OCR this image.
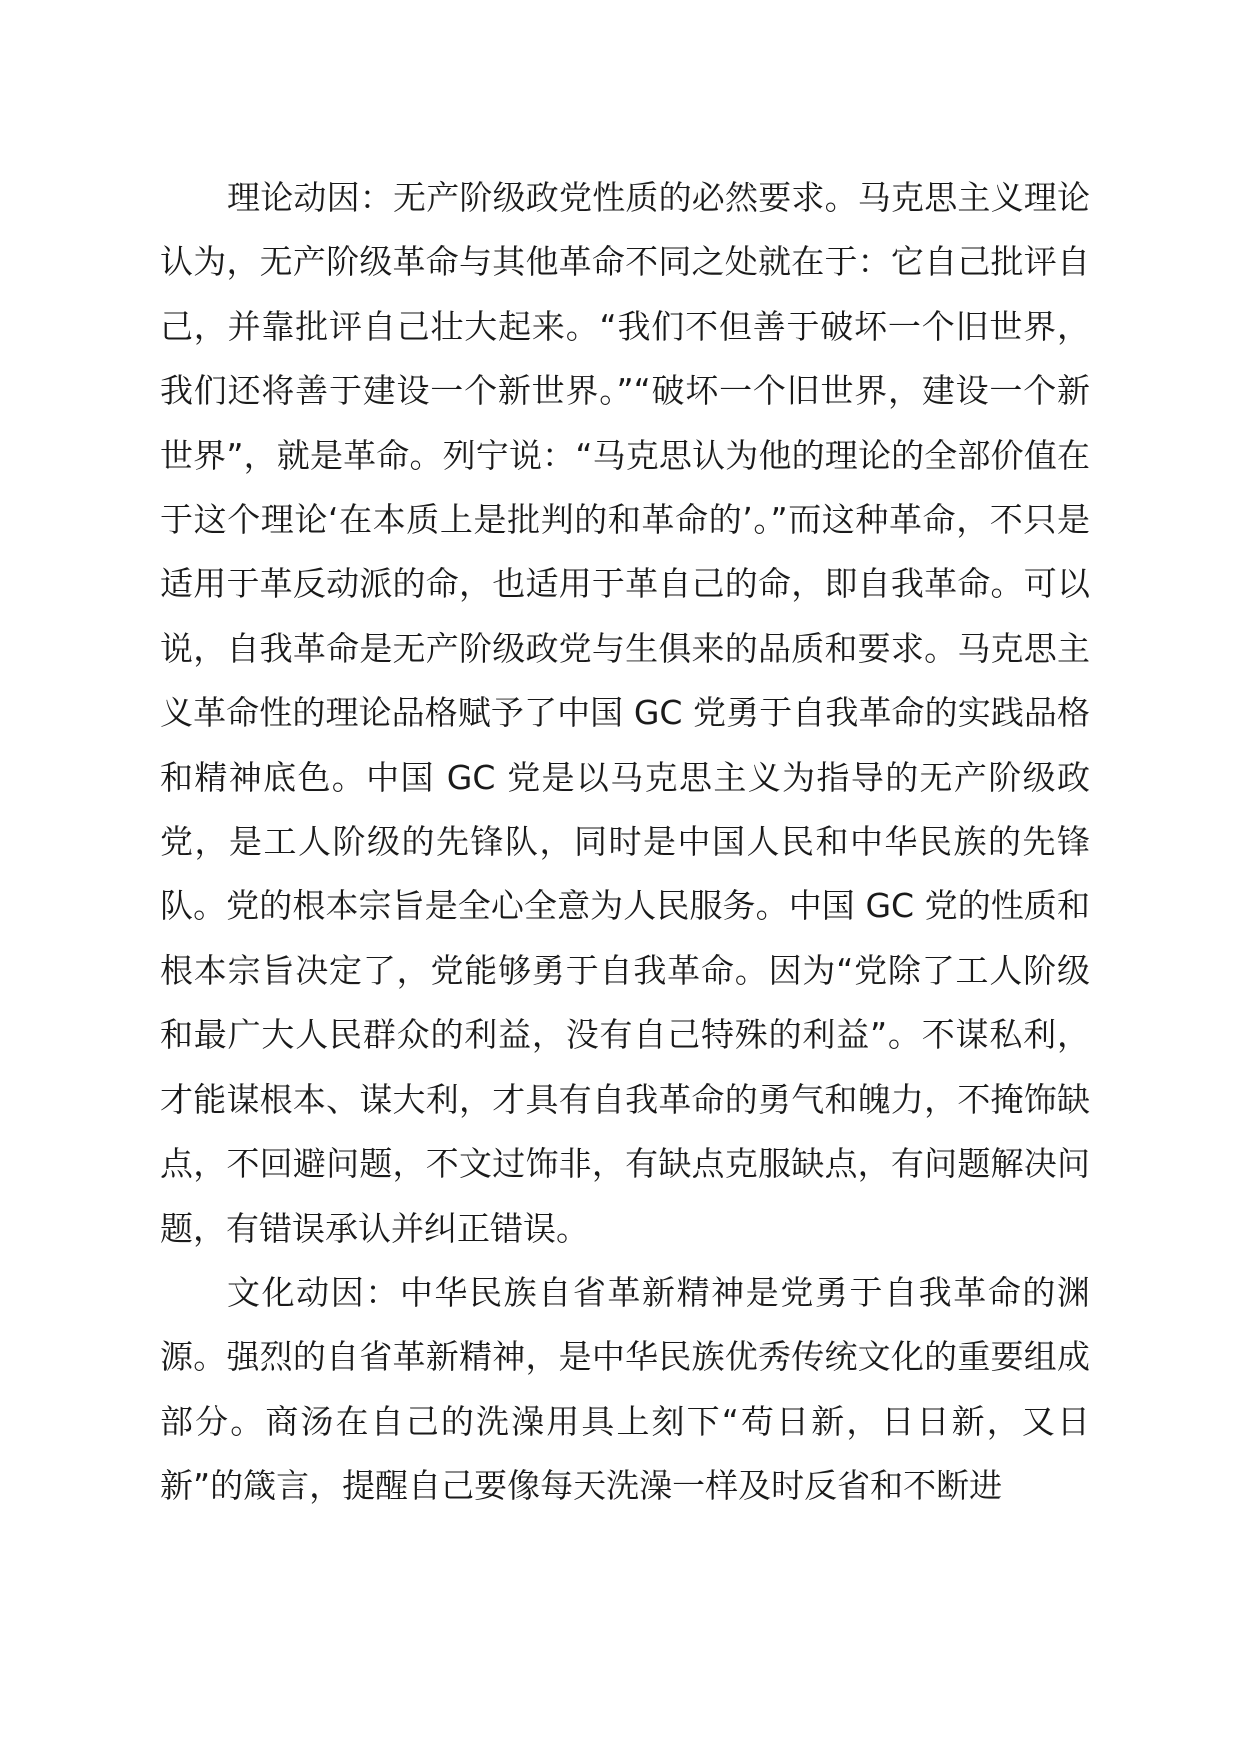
理论动因：无产阶级政党性质的必然要求。马克思主义理论认为，无产阶级革命与其他革命不同之处就在于：它自己批评自己，并靠批评自己壮大起来。“我们不但善于破坏一个旧世界，我们还将善于建设一个新世界。”“破坏一个旧世界，建设一个新世界”，就是革命。列宁说：“马克思认为他的理论的全部价值在于这个理论‘在本质上是批判的和革命的’。”而这种革命，不只是适用于革反动派的命，也适用于革自己的命，即自我革命。可以说，自我革命是无产阶级政党与生俱来的品质和要求。马克思主义革命性的理论品格赋予了中国 GC 党勇于自我革命的实践品格和精神底色。中国 GC 党是以马克思主义为指导的无产阶级政党，是工人阶级的先锋队，同时是中国人民和中华民族的先锋队。党的根本宗旨是全心全意为人民服务。中国 GC 党的性质和根本宗旨决定了，党能够勇于自我革命。因为“党除了工人阶级和最广大人民群众的利益，没有自己特殊的利益”。不谋私利，才能谋根本、谋大利，才具有自我革命的勇气和魄力，不掩饰缺点，不回避问题，不文过饰非，有缺点克服缺点，有问题解决问题，有错误承认并纠正错误。

文化动因：中华民族自省革新精神是党勇于自我革命的渊源。强烈的自省革新精神，是中华民族优秀传统文化的重要组成部分。商汤在自己的洗澡用具上刻下“苟日新，日日新，又日新”的箴言，提醒自己要像每天洗澡一样及时反省和不断进
